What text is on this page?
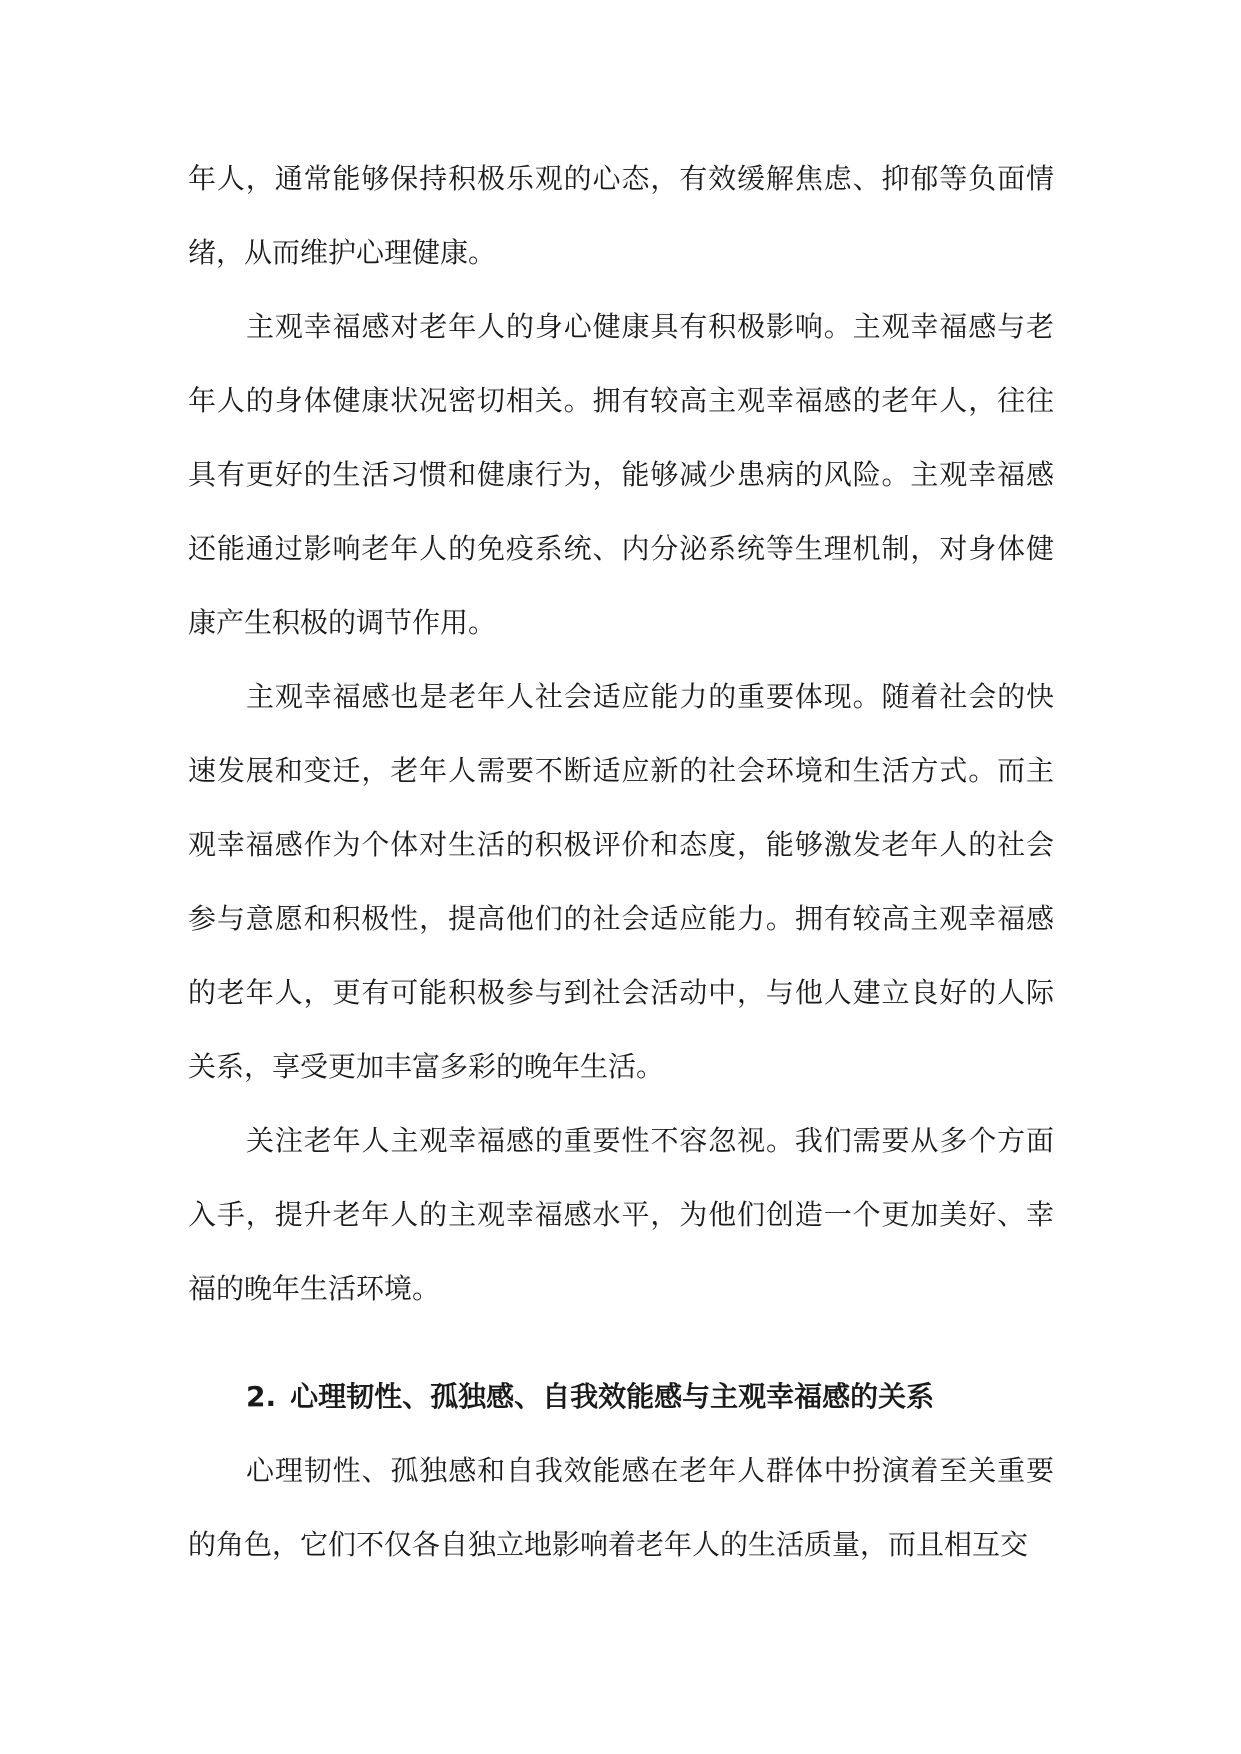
年人，通常能够保持积极乐观的心态，有效缓解焦虑、抑郁等负面情绪，从而维护心理健康。

主观幸福感对老年人的身心健康具有积极影响。主观幸福感与老年人的身体健康状况密切相关。拥有较高主观幸福感的老年人，往往具有更好的生活习惯和健康行为，能够减少患病的风险。主观幸福感还能通过影响老年人的免疫系统、内分泌系统等生理机制，对身体健康产生积极的调节作用。

主观幸福感也是老年人社会适应能力的重要体现。随着社会的快速发展和变迁，老年人需要不断适应新的社会环境和生活方式。而主观幸福感作为个体对生活的积极评价和态度，能够激发老年人的社会参与意愿和积极性，提高他们的社会适应能力。拥有较高主观幸福感的老年人，更有可能积极参与到社会活动中，与他人建立良好的人际关系，享受更加丰富多彩的晚年生活。

关注老年人主观幸福感的重要性不容忽视。我们需要从多个方面入手，提升老年人的主观幸福感水平，为他们创造一个更加美好、幸福的晚年生活环境。

2. 心理韧性、孤独感、自我效能感与主观幸福感的关系

心理韧性、孤独感和自我效能感在老年人群体中扮演着至关重要的角色，它们不仅各自独立地影响着老年人的生活质量，而且相互交
